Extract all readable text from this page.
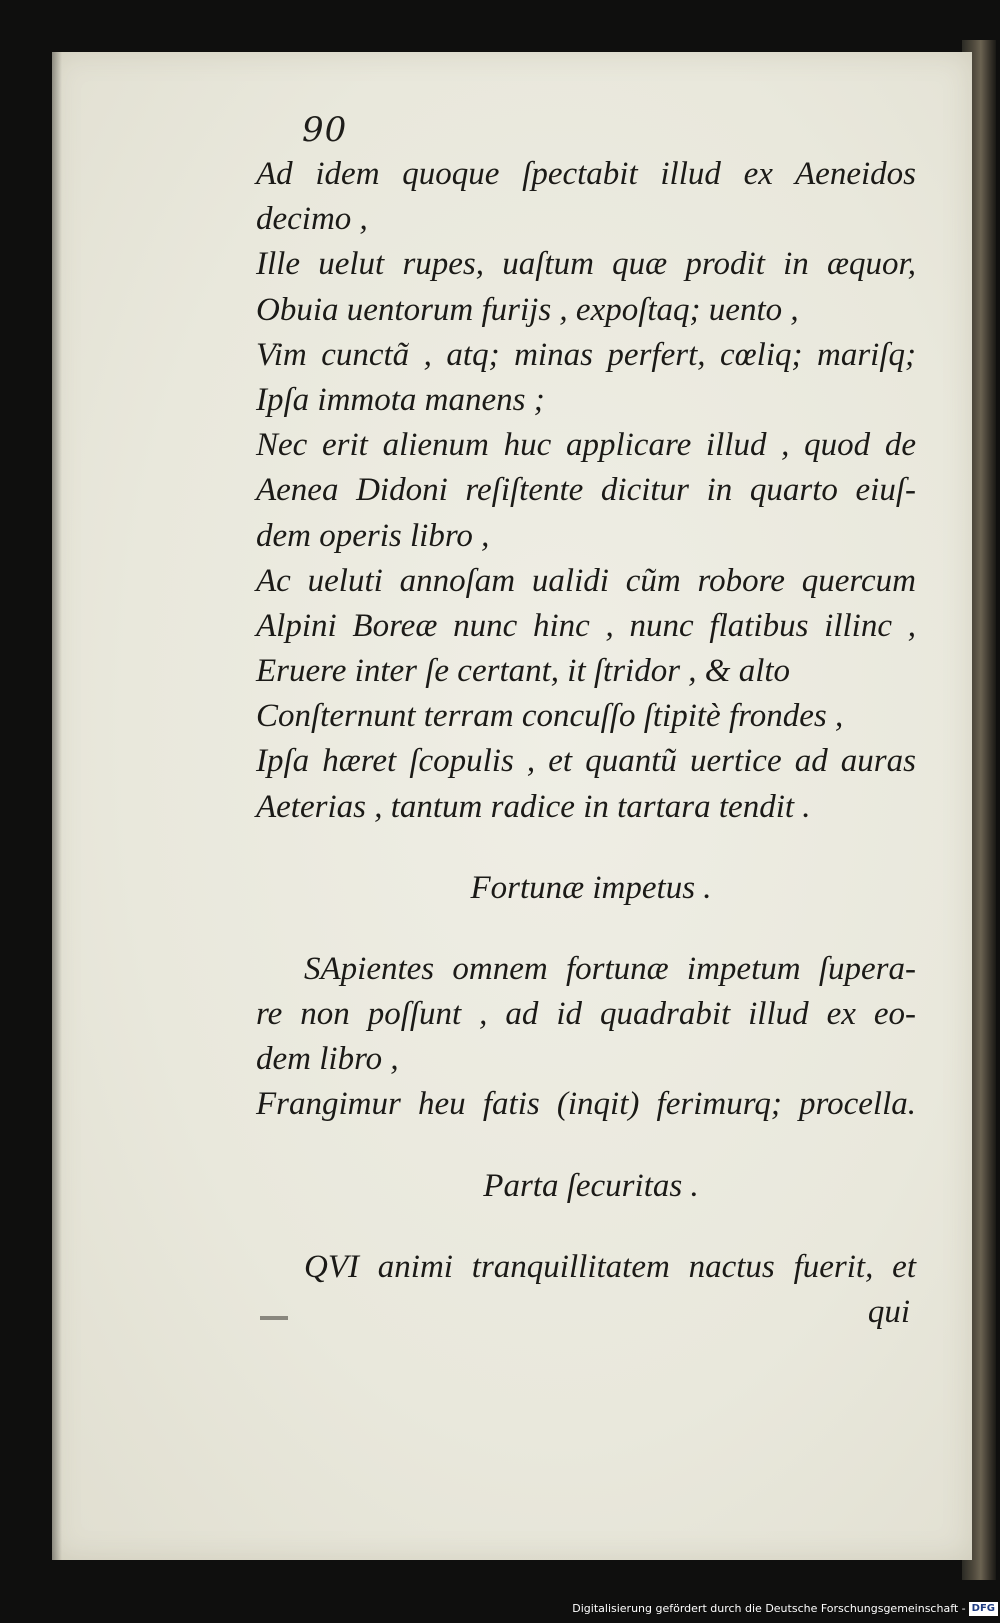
90
Ad idem quoque ſpectabit illud ex Aeneidos
decimo ,
Ille uelut rupes, uaſtum quæ prodit in æquor,
Obuia uentorum furijs , expoſtaq; uento ,
Vim cunctã , atq; minas perfert, cœliq; mariſq;
Ipſa immota manens ;
Nec erit alienum huc applicare illud , quod de
Aenea Didoni reſiſtente dicitur in quarto eiuſ-
dem operis libro ,
Ac ueluti annoſam ualidi cũm robore quercum
Alpini Boreæ nunc hinc , nunc flatibus illinc ,
Eruere inter ſe certant, it ſtridor , & alto
Conſternunt terram concuſſo ſtipitè frondes ,
Ipſa hæret ſcopulis , et quantũ uertice ad auras
Aeterias , tantum radice in tartara tendit .
Fortunæ impetus .
SApientes omnem fortunæ impetum ſupera-
re non poſſunt , ad id quadrabit illud ex eo-
dem libro ,
Frangimur heu fatis (inqit) ferimurq; procella.
Parta ſecuritas .
QVI animi tranquillitatem nactus fuerit, et
qui
Digitalisierung gefördert durch die Deutsche Forschungsgemeinschaft - DFG
